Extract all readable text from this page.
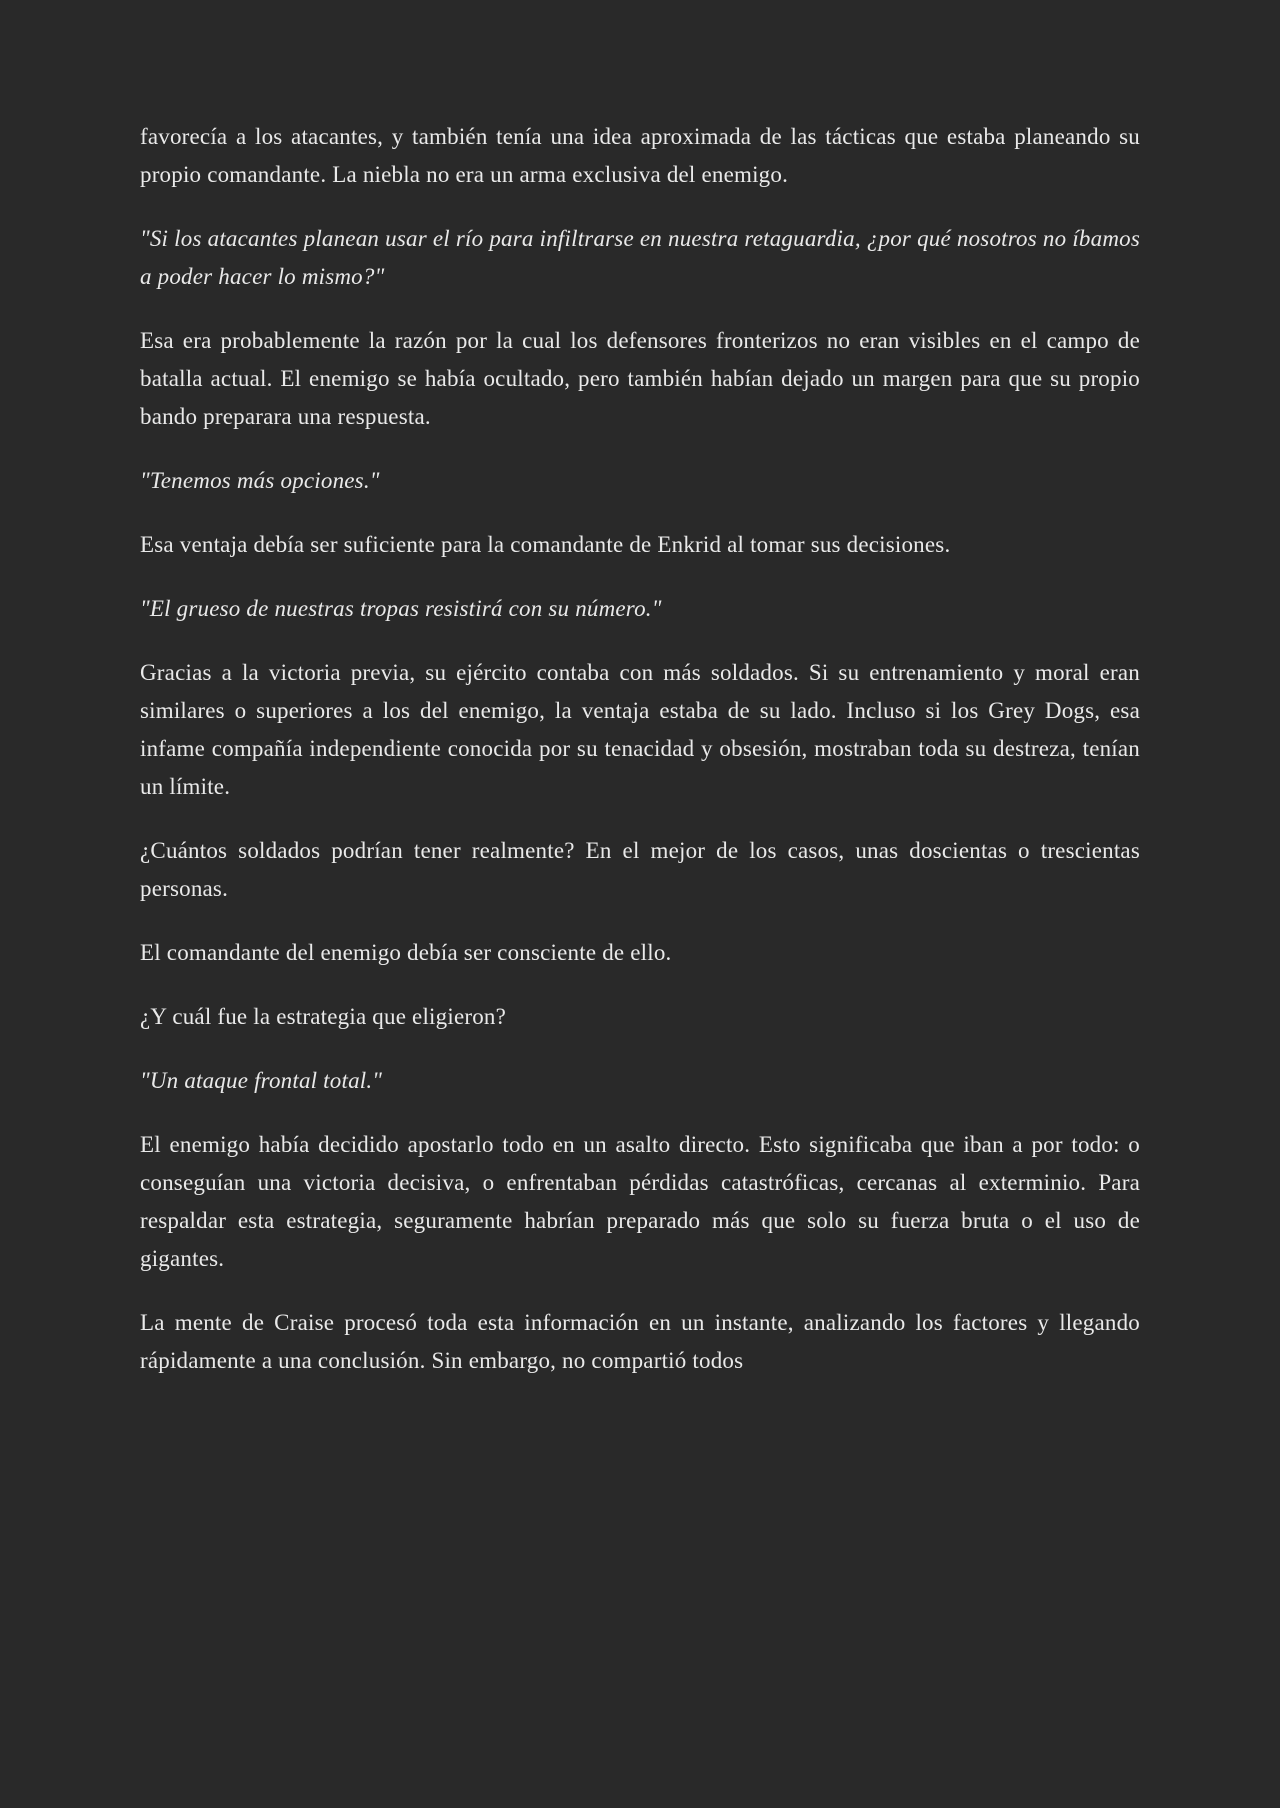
favorecía a los atacantes, y también tenía una idea aproximada de las tácticas que estaba planeando su propio comandante. La niebla no era un arma exclusiva del enemigo.

"Si los atacantes planean usar el río para infiltrarse en nuestra retaguardia, ¿por qué nosotros no íbamos a poder hacer lo mismo?"

Esa era probablemente la razón por la cual los defensores fronterizos no eran visibles en el campo de batalla actual. El enemigo se había ocultado, pero también habían dejado un margen para que su propio bando preparara una respuesta.

"Tenemos más opciones."

Esa ventaja debía ser suficiente para la comandante de Enkrid al tomar sus decisiones.

"El grueso de nuestras tropas resistirá con su número."

Gracias a la victoria previa, su ejército contaba con más soldados. Si su entrenamiento y moral eran similares o superiores a los del enemigo, la ventaja estaba de su lado. Incluso si los Grey Dogs, esa infame compañía independiente conocida por su tenacidad y obsesión, mostraban toda su destreza, tenían un límite.

¿Cuántos soldados podrían tener realmente? En el mejor de los casos, unas doscientas o trescientas personas.

El comandante del enemigo debía ser consciente de ello.

¿Y cuál fue la estrategia que eligieron?

"Un ataque frontal total."

El enemigo había decidido apostarlo todo en un asalto directo. Esto significaba que iban a por todo: o conseguían una victoria decisiva, o enfrentaban pérdidas catastróficas, cercanas al exterminio. Para respaldar esta estrategia, seguramente habrían preparado más que solo su fuerza bruta o el uso de gigantes.

La mente de Craise procesó toda esta información en un instante, analizando los factores y llegando rápidamente a una conclusión. Sin embargo, no compartió todos
